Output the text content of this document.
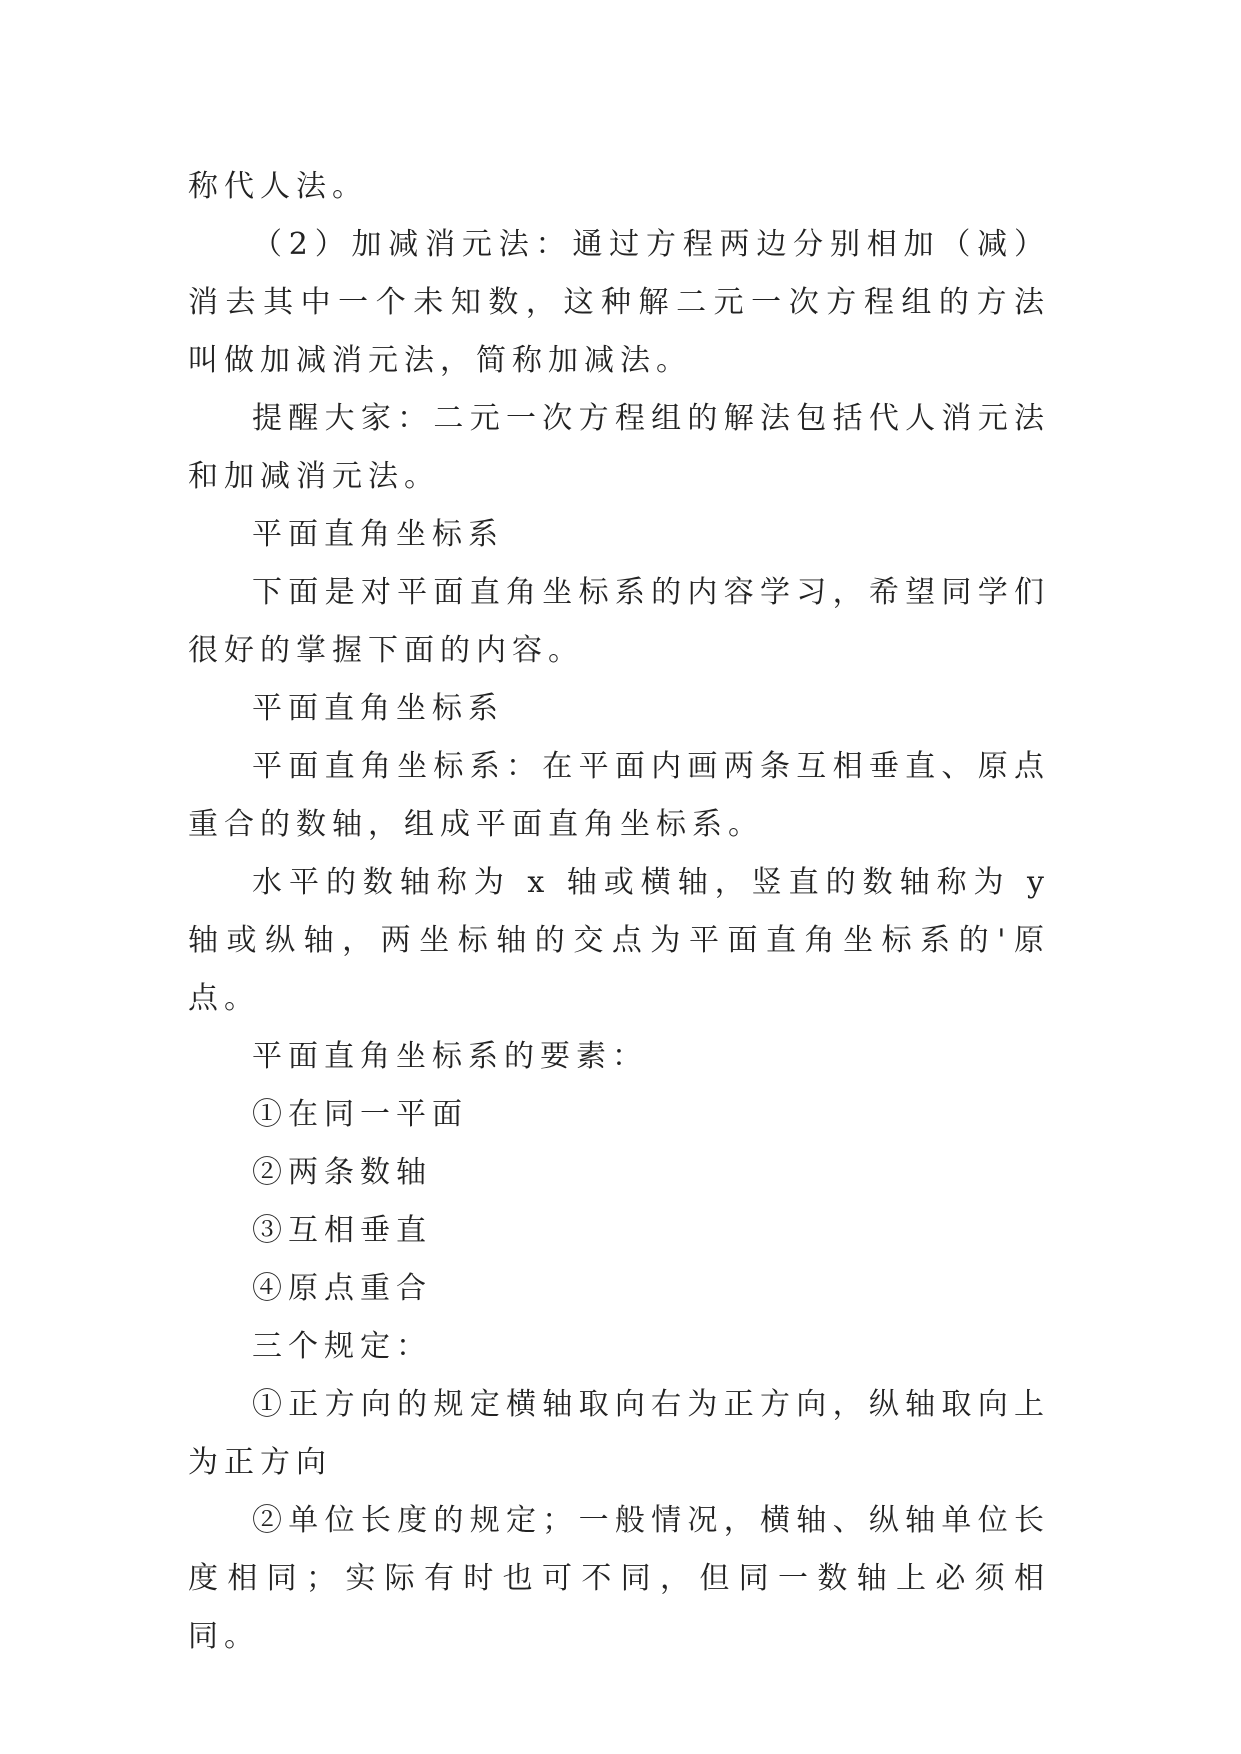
称代人法。

（2）加减消元法：通过方程两边分别相加（减）消去其中一个未知数，这种解二元一次方程组的方法叫做加减消元法，简称加减法。

提醒大家：二元一次方程组的解法包括代人消元法和加减消元法。

平面直角坐标系

下面是对平面直角坐标系的内容学习，希望同学们很好的掌握下面的内容。

平面直角坐标系

平面直角坐标系：在平面内画两条互相垂直、原点重合的数轴，组成平面直角坐标系。

水平的数轴称为 x 轴或横轴，竖直的数轴称为 y 轴或纵轴，两坐标轴的交点为平面直角坐标系的'原点。

平面直角坐标系的要素：

①在同一平面

②两条数轴

③互相垂直

④原点重合

三个规定：

①正方向的规定横轴取向右为正方向，纵轴取向上为正方向

②单位长度的规定；一般情况，横轴、纵轴单位长度相同；实际有时也可不同，但同一数轴上必须相同。
